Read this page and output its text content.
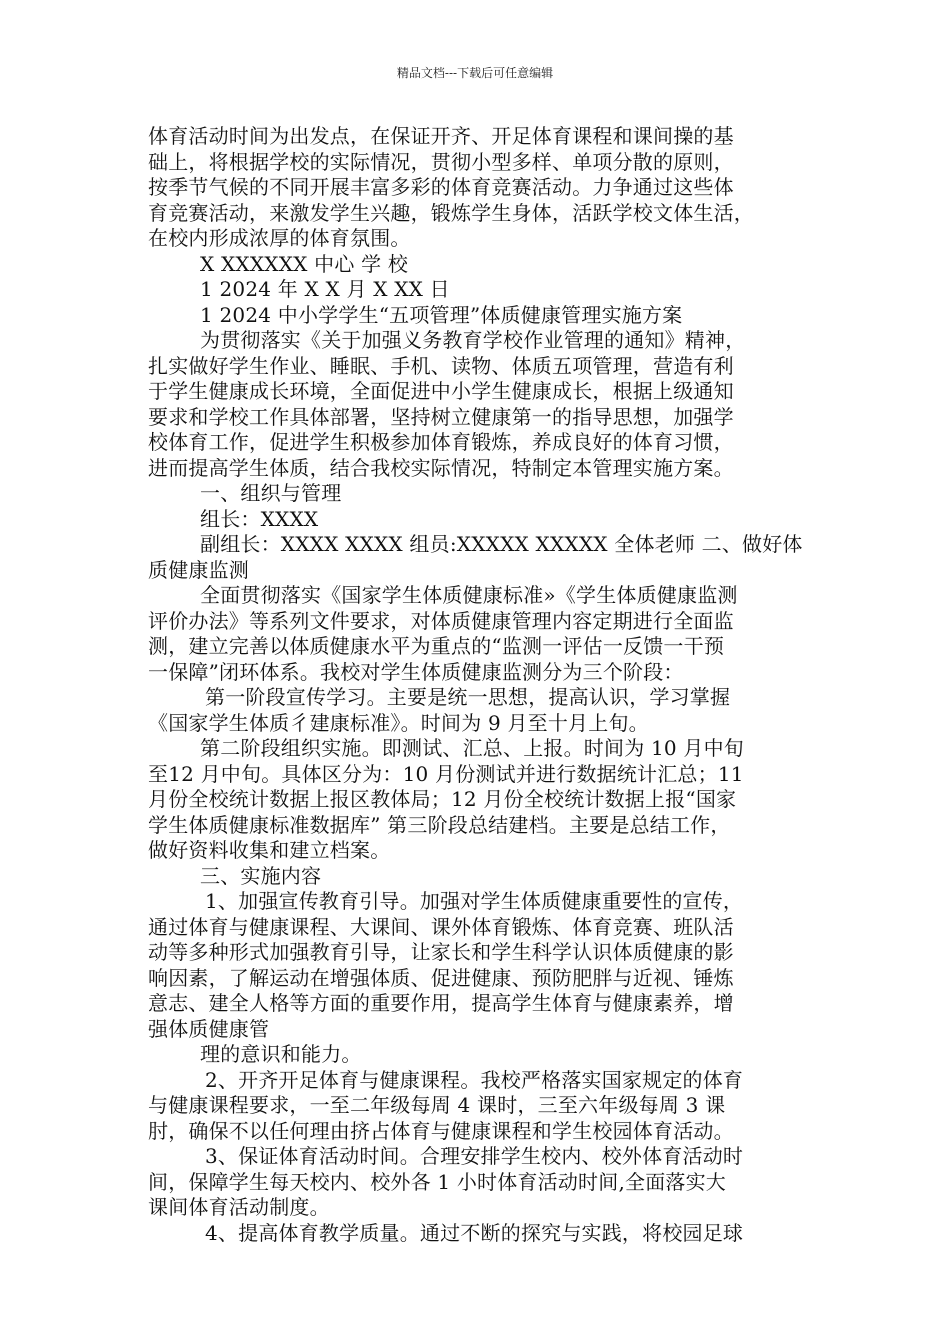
精品文档---下载后可任意编辑
体育活动时间为出发点，在保证开齐、开足体育课程和课间操的基
础上，将根据学校的实际情况，贯彻小型多样、单项分散的原则，
按季节气候的不同开展丰富多彩的体育竞赛活动。力争通过这些体
育竞赛活动，来激发学生兴趣，锻炼学生身体，活跃学校文体生活，
在校内形成浓厚的体育氛围。
X XXXXXX 中心 学 校
1 2024 年 X X 月 X XX 日
1 2024 中小学学生“五项管理”体质健康管理实施方案
为贯彻落实《关于加强义务教育学校作业管理的通知》精神，
扎实做好学生作业、睡眠、手机、读物、体质五项管理，营造有利
于学生健康成长环境，全面促进中小学生健康成长，根据上级通知
要求和学校工作具体部署，坚持树立健康第一的指导思想，加强学
校体育工作，促进学生积极参加体育锻炼，养成良好的体育习惯，
进而提高学生体质，结合我校实际情况，特制定本管理实施方案。
一、组织与管理
组长：XXXX
副组长：XXXX XXXX 组员:XXXXX XXXXX 全体老师 二、做好体
质健康监测
全面贯彻落实《国家学生体质健康标准»《学生体质健康监测
评价办法》等系列文件要求，对体质健康管理内容定期进行全面监
测，建立完善以体质健康水平为重点的“监测一评估一反馈一干预
一保障”闭环体系。我校对学生体质健康监测分为三个阶段：
第一阶段宣传学习。主要是统一思想，提高认识，学习掌握
《国家学生体质彳建康标准》。时间为 9 月至十月上旬。
第二阶段组织实施。即测试、汇总、上报。时间为 10 月中旬
至12 月中旬。具体区分为：10 月份测试并进行数据统计汇总；11
月份全校统计数据上报区教体局；12 月份全校统计数据上报“国家
学生体质健康标准数据库” 第三阶段总结建档。主要是总结工作，
做好资料收集和建立档案。
三、实施内容
1、加强宣传教育引导。加强对学生体质健康重要性的宣传，
通过体育与健康课程、大课间、课外体育锻炼、体育竞赛、班队活
动等多种形式加强教育引导，让家长和学生科学认识体质健康的影
响因素，了解运动在增强体质、促进健康、预防肥胖与近视、锤炼
意志、建全人格等方面的重要作用，提高学生体育与健康素养，增
强体质健康管
理的意识和能力。
2、开齐开足体育与健康课程。我校严格落实国家规定的体育
与健康课程要求，一至二年级每周 4 课时，三至六年级每周 3 课
肘，确保不以任何理由挤占体育与健康课程和学生校园体育活动。
3、保证体育活动时间。合理安排学生校内、校外体育活动时
间，保障学生每天校内、校外各 1 小时体育活动时间,全面落实大
课间体育活动制度。
4、提高体育教学质量。通过不断的探究与实践，将校园足球
